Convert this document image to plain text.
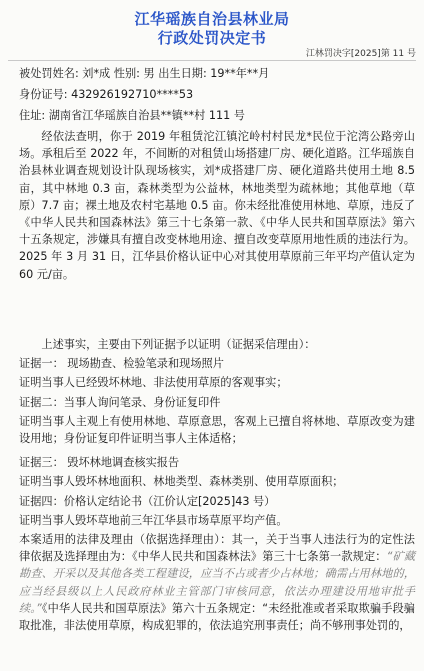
江华瑶族自治县林业局
行政处罚决定书
江林罚决字[2025]第 11 号
被处罚姓名: 刘*成 性别: 男 出生日期: 19**年**月
身份证号: 432926192710****53
住址: 湖南省江华瑶族自治县**镇**村 111 号
经依法查明，你于 2019 年租赁沱江镇沱岭村村民龙*民位于沱湾公路旁山场。承租后至 2022 年，不间断的对租赁山场搭建厂房、硬化道路。江华瑶族自治县林业调查规划设计队现场核实，刘*成搭建厂房、硬化道路共使用土地 8.5 亩，其中林地 0.3 亩，森林类型为公益林，林地类型为疏林地；其他草地（草原）7.7 亩；裸土地及农村宅基地 0.5 亩。你未经批准使用林地、草原，违反了《中华人民共和国森林法》第三十七条第一款、《中华人民共和国草原法》第六十五条规定，涉嫌具有擅自改变林地用途、擅自改变草原用地性质的违法行为。2025 年 3 月 31 日，江华县价格认证中心对其使用草原前三年平均产值认定为 60 元/亩。
上述事实，主要由下列证据予以证明（证据采信理由）：
证据一： 现场勘查、检验笔录和现场照片
证明当事人已经毁坏林地、非法使用草原的客观事实；
证据二：当事人询问笔录、身份证复印件
证明当事人主观上有使用林地、草原意思，客观上已擅自将林地、草原改变为建设用地；身份证复印件证明当事人主体适格；
证据三： 毁坏林地调查核实报告
证明当事人毁坏林地面积、林地类型、森林类别、使用草原面积；
证据四：价格认定结论书（江价认定[2025]43 号）
证明当事人毁坏草地前三年江华县市场草原平均产值。
本案适用的法律及理由（依据选择理由）：其一，关于当事人违法行为的定性法律依据及选择理由为：《中华人民共和国森林法》第三十七条第一款规定：“矿藏勘查、开采以及其他各类工程建设，应当不占或者少占林地；确需占用林地的，应当经县级以上人民政府林业主管部门审核同意，依法办理建设用地审批手续。”《中华人民共和国草原法》第六十五条规定：“未经批准或者采取欺骗手段骗取批准，非法使用草原，构成犯罪的，依法追究刑事责任；尚不够刑事处罚的，
